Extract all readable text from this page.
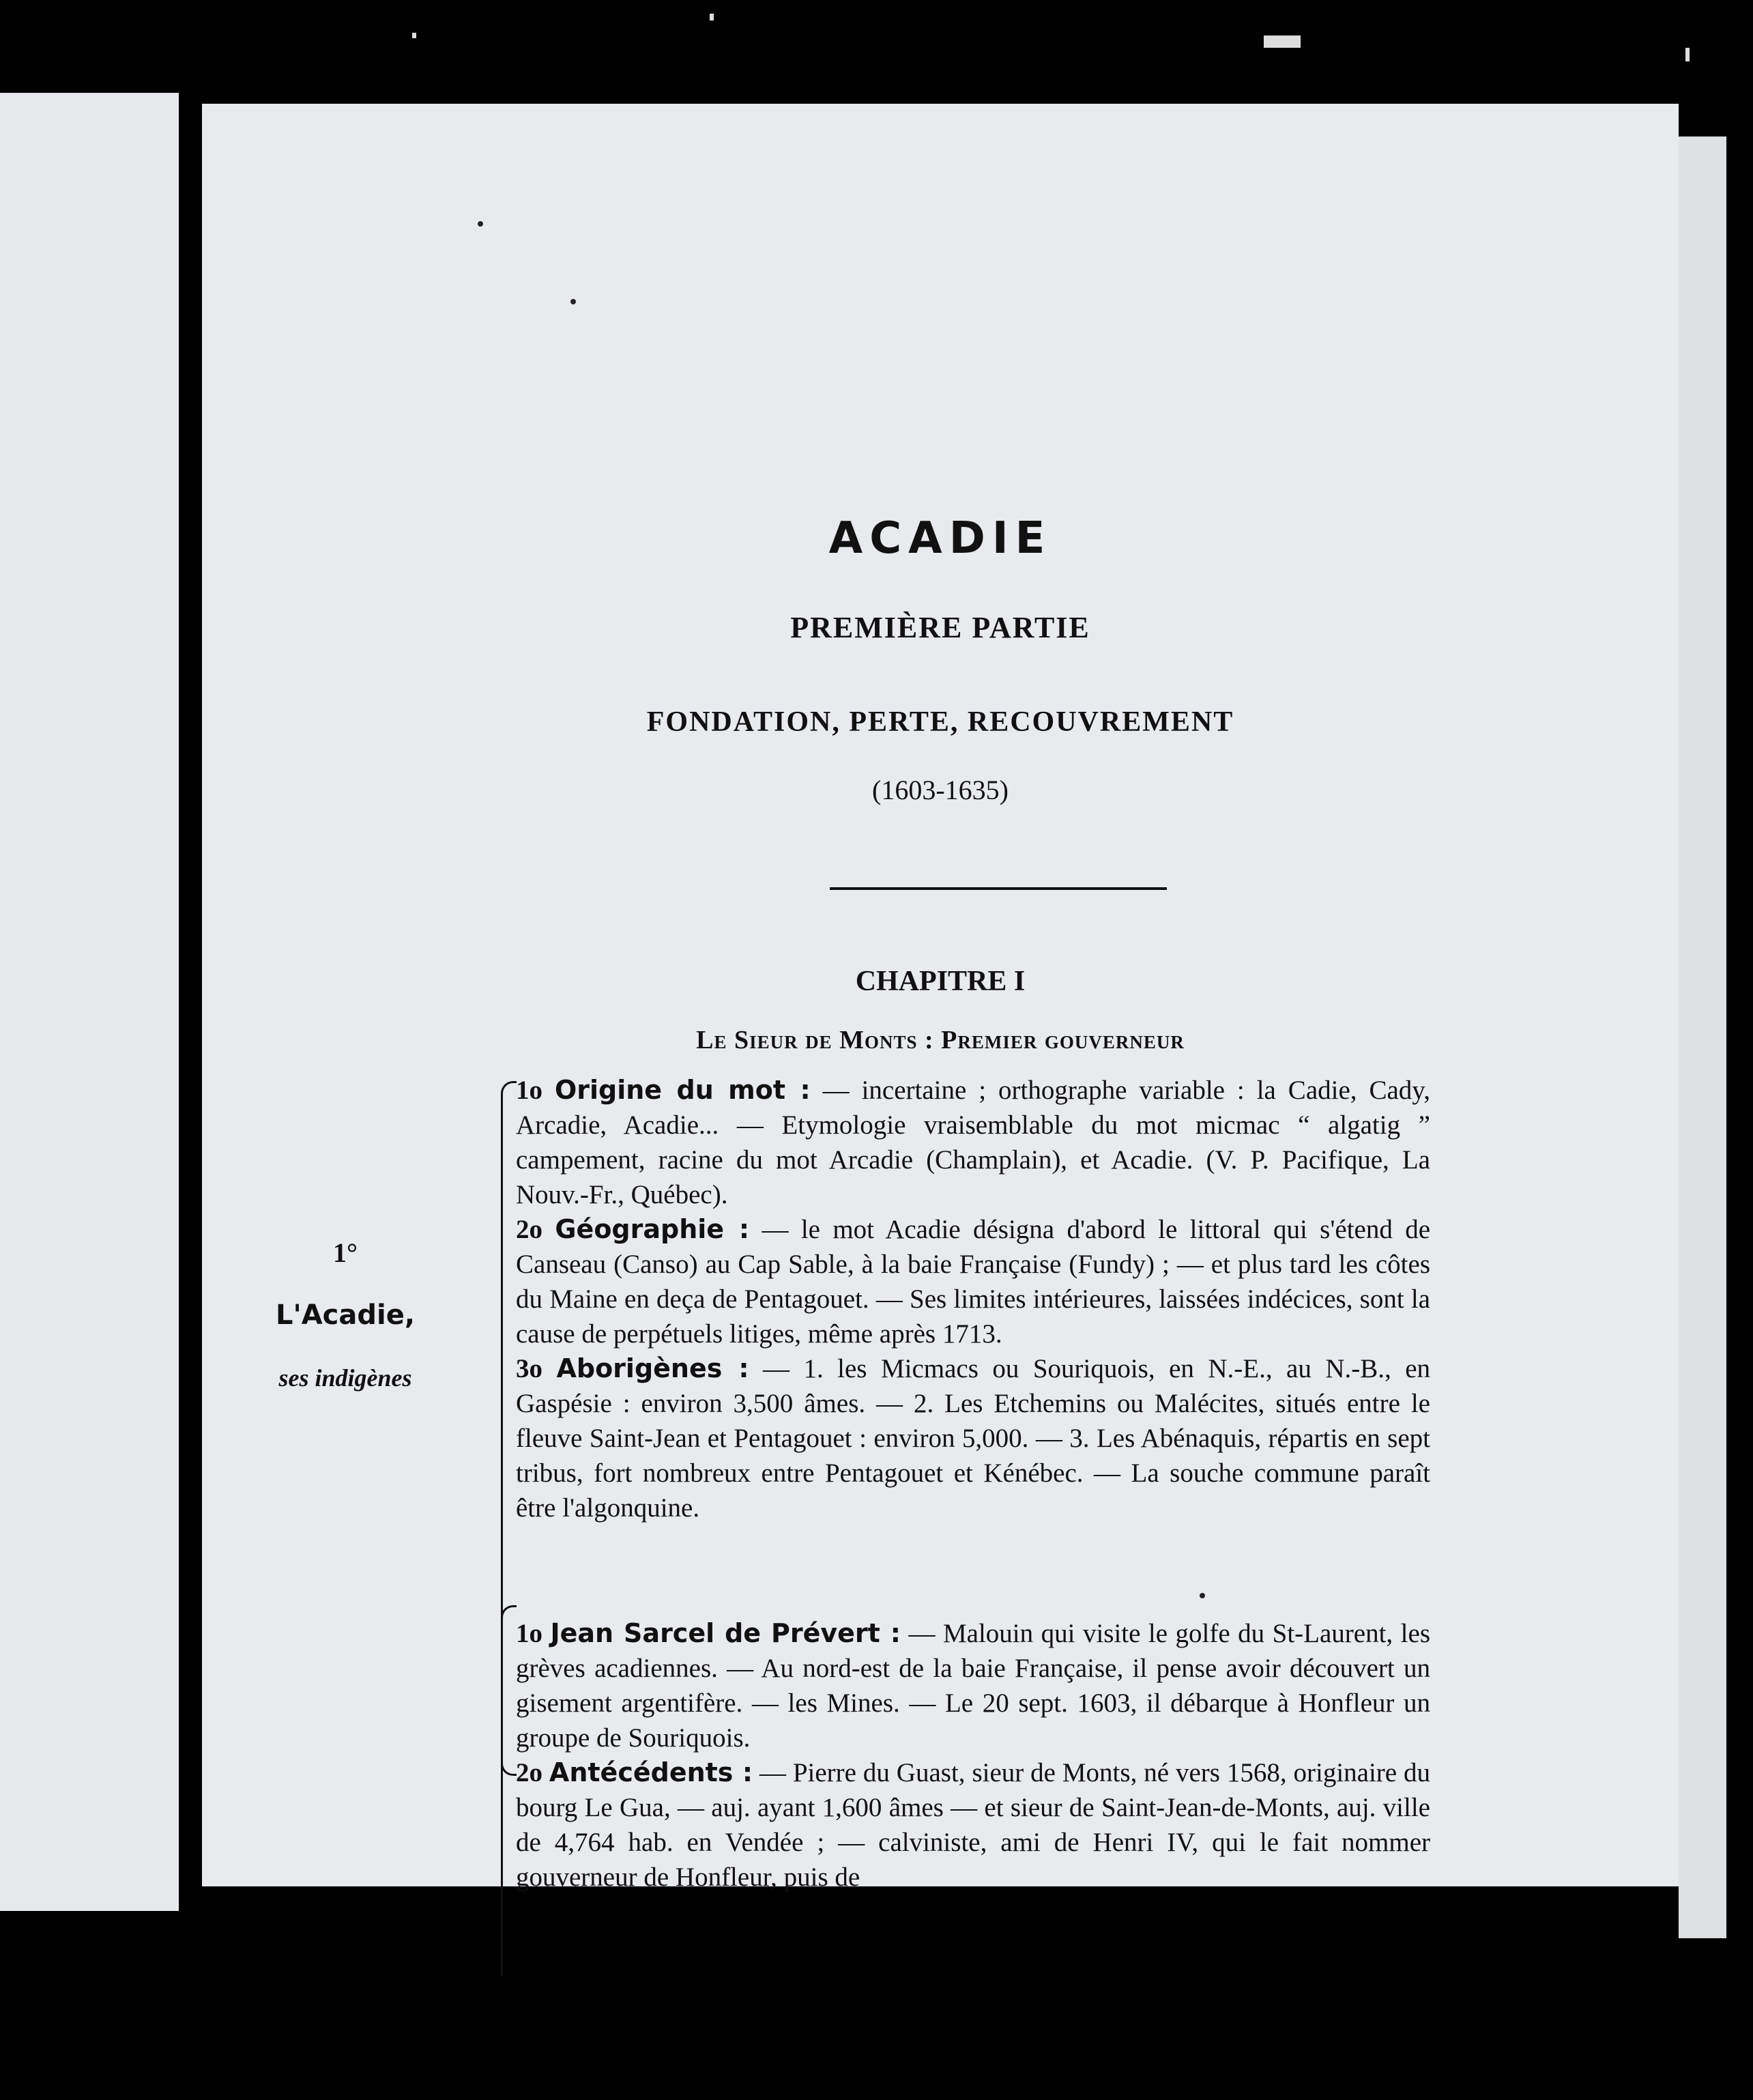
ACADIE
PREMIÈRE PARTIE
FONDATION, PERTE, RECOUVREMENT
(1603-1635)
CHAPITRE I
Le Sieur de Monts : Premier gouverneur
1°
L'Acadie,
ses indigènes

1o Origine du mot : — incertaine ; orthographe variable : la Cadie, Cady, Arcadie, Acadie... — Etymologie vraisemblable du mot micmac “ algatig ” campement, racine du mot Arcadie (Champlain), et Acadie. (V. P. Pacifique, La Nouv.-Fr., Québec).

2o Géographie : — le mot Acadie désigna d'abord le littoral qui s'étend de Canseau (Canso) au Cap Sable, à la baie Française (Fundy) ; — et plus tard les côtes du Maine en deça de Pentagouet. — Ses limites intérieures, laissées indécices, sont la cause de perpétuels litiges, même après 1713.

3o Aborigènes : — 1. les Micmacs ou Souriquois, en N.-E., au N.-B., en Gaspésie : environ 3,500 âmes. — 2. Les Etchemins ou Malécites, situés entre le fleuve Saint-Jean et Pentagouet : environ 5,000. — 3. Les Abénaquis, répartis en sept tribus, fort nombreux entre Pentagouet et Kénébec. — La souche commune paraît être l'algonquine.

1o Jean Sarcel de Prévert : — Malouin qui visite le golfe du St-Laurent, les grèves acadiennes. — Au nord-est de la baie Française, il pense avoir découvert un gisement argentifère. — les Mines. — Le 20 sept. 1603, il débarque à Honfleur un groupe de Souriquois.

2o Antécédents : — Pierre du Guast, sieur de Monts, né vers 1568, originaire du bourg Le Gua, — auj. ayant 1,600 âmes — et sieur de Saint-Jean-de-Monts, auj. ville de 4,764 hab. en Vendée ; — calviniste, ami de Henri IV, qui le fait nommer gouverneur de Honfleur, puis de
